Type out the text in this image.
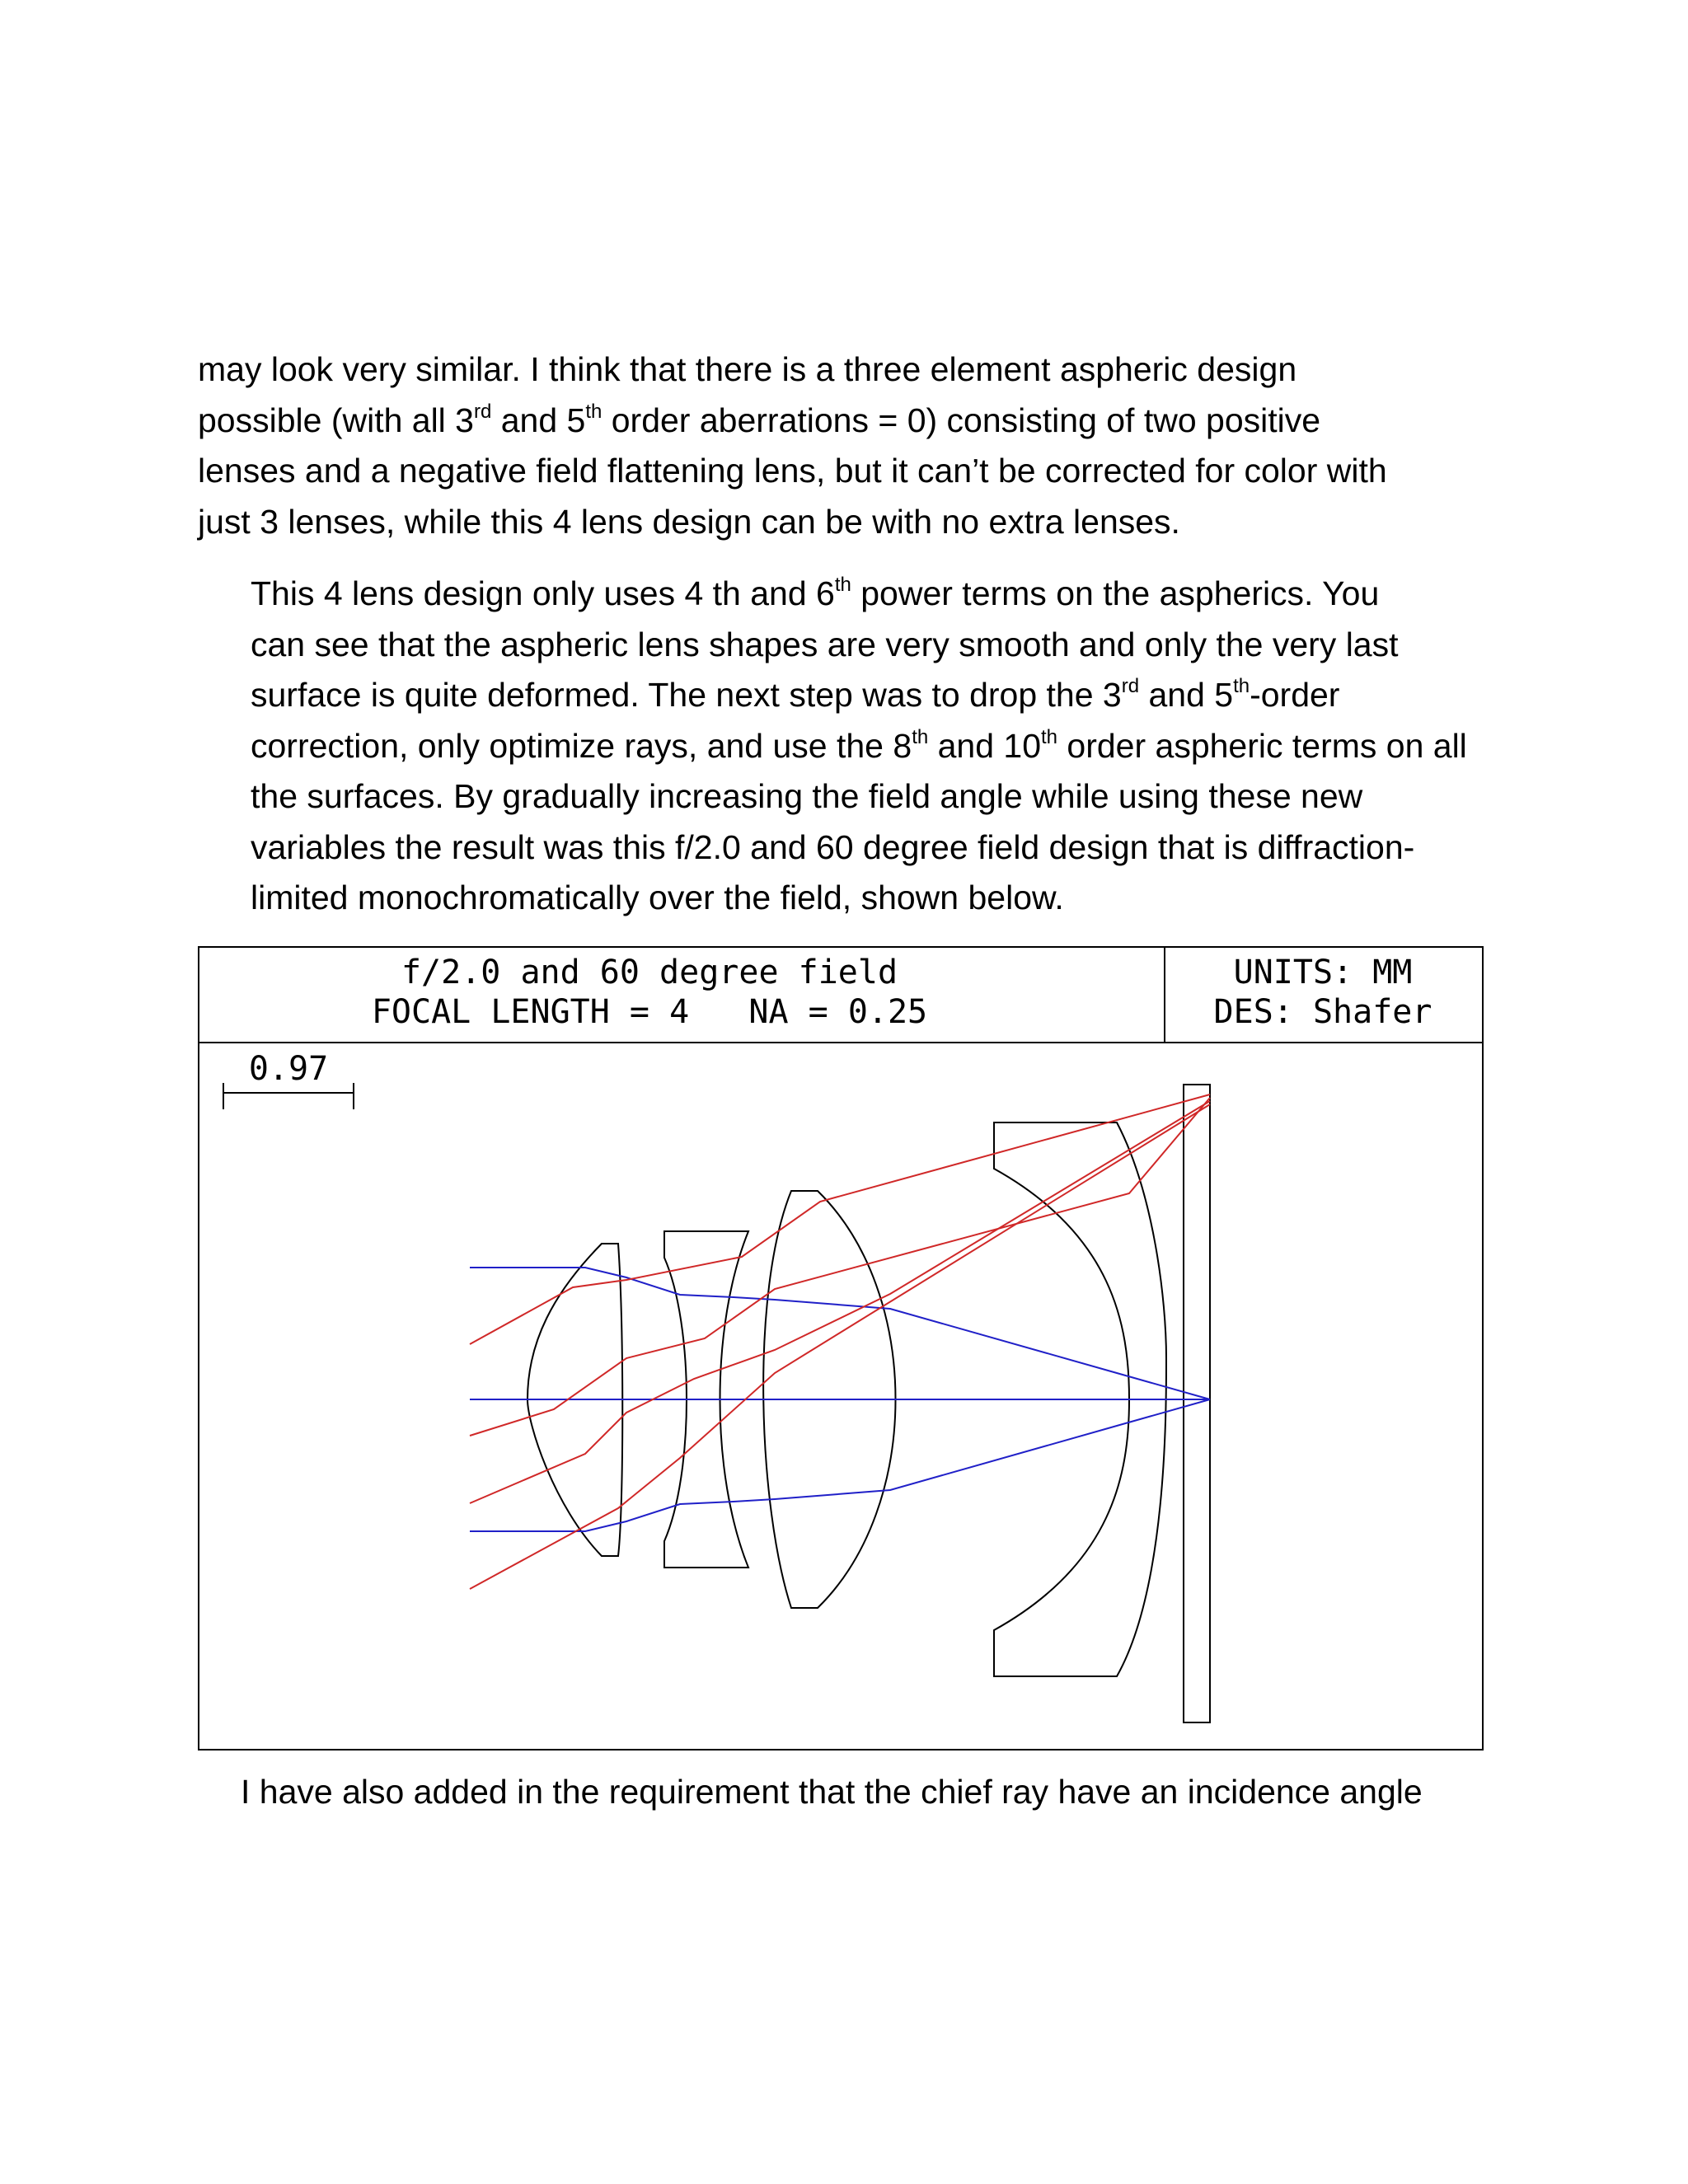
may look very similar. I think that there is a three element aspheric design
possible (with all 3rd and 5th order aberrations = 0) consisting of two positive
lenses and a negative field flattening lens, but it can’t be corrected for color with
just 3 lenses, while this 4 lens design can be with no extra lenses.

This 4 lens design only uses 4 th and 6th power terms on the aspherics. You
can see that the aspheric lens shapes are very smooth and only the very last
surface is quite deformed. The next step was to drop the 3rd and 5th-order
correction, only optimize rays, and use the 8th and 10th order aspheric terms on all
the surfaces. By gradually increasing the field angle while using these new
variables the result was this f/2.0 and 60 degree field design that is diffraction-
limited monochromatically over the field, shown below.

f/2.0 and 60 degree field
FOCAL LENGTH = 4   NA = 0.25
UNITS: MM
DES: Shafer
0.97

I have also added in the requirement that the chief ray have an incidence angle
